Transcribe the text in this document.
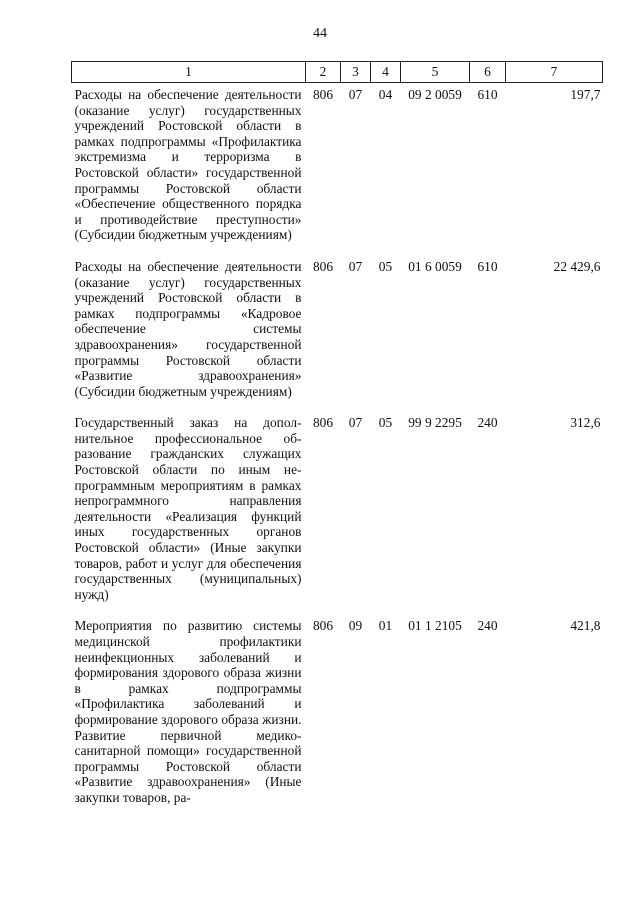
44
1	2	3	4	5	6	7
Расходы на обеспечение деятельности (оказание услуг) государственных учреждений Ростовской области в рамках подпрограммы «Профилактика экстремизма и терроризма в Ростовской области» государственной программы Ростовской области «Обеспечение общественного порядка и противодействие преступности» (Субсидии бюджетным учреждениям)	806	07	04	09 2 0059	610	197,7
Расходы на обеспечение деятельности (оказание услуг) государственных учреждений Ростовской области в рамках подпрограммы «Кадровое обеспечение системы здравоохранения» государственной программы Ростовской области «Развитие здравоохранения» (Субсидии бюджетным учреждениям)	806	07	05	01 6 0059	610	22 429,6
Государственный заказ на дополнительное профессиональное образование гражданских служащих Ростовской области по иным непрограммным мероприятиям в рамках непрограммного направления деятельности «Реализация функций иных государственных органов Ростовской области» (Иные закупки товаров, работ и услуг для обеспечения государственных (муниципальных) нужд)	806	07	05	99 9 2295	240	312,6
Мероприятия по развитию системы медицинской профилактики неинфекционных заболеваний и формирования здорового образа жизни в рамках подпрограммы «Профилактика заболеваний и формирование здорового образа жизни. Развитие первичной медико-санитарной помощи» государственной программы Ростовской области «Развитие здравоохранения» (Иные закупки товаров, ра-	806	09	01	01 1 2105	240	421,8
